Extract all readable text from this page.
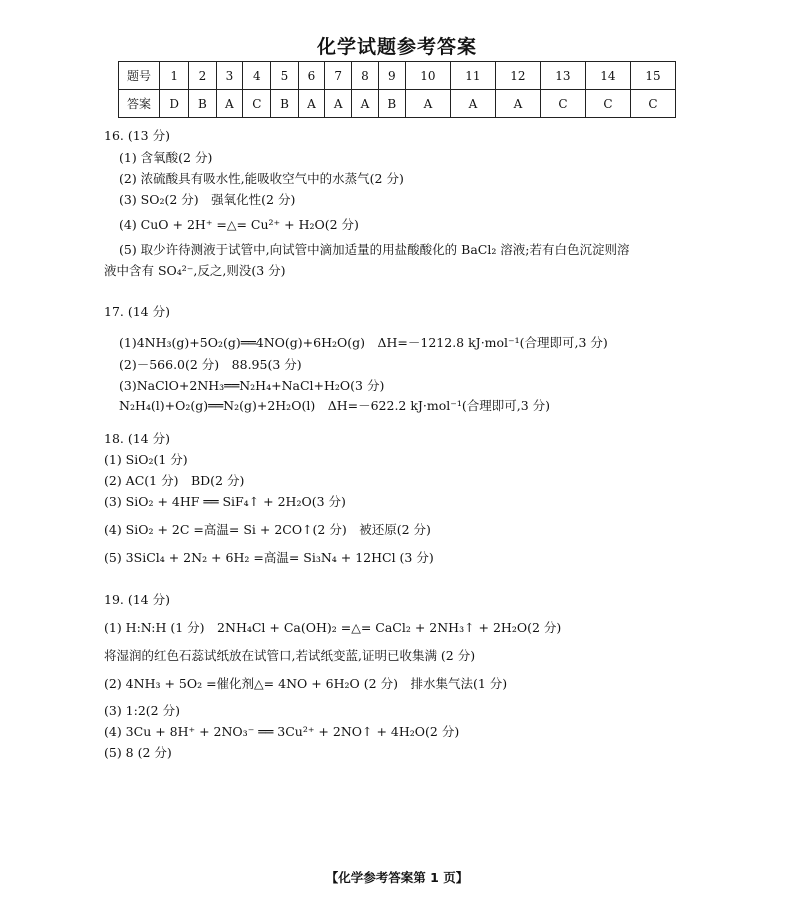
化学试题参考答案
题号	1	2	3	4	5	6	7	8	9	10	11	12	13	14	15
答案	D	B	A	C	B	A	A	A	B	A	A	A	C	C	C
16. (13 分)
(1) 含氧酸(2 分)
(2) 浓硫酸具有吸水性,能吸收空气中的水蒸气(2 分)
(3) SO₂(2 分)　强氧化性(2 分)
(4) CuO + 2H⁺ =△= Cu²⁺ + H₂O(2 分)
(5) 取少许待测液于试管中,向试管中滴加适量的用盐酸酸化的 BaCl₂ 溶液;若有白色沉淀则溶
液中含有 SO₄²⁻,反之,则没(3 分)
17. (14 分)
(1)4NH₃(g)+5O₂(g)══4NO(g)+6H₂O(g)　ΔH=－1212.8 kJ·mol⁻¹(合理即可,3 分)
(2)－566.0(2 分)　88.95(3 分)
(3)NaClO+2NH₃══N₂H₄+NaCl+H₂O(3 分)
N₂H₄(l)+O₂(g)══N₂(g)+2H₂O(l)　ΔH=－622.2 kJ·mol⁻¹(合理即可,3 分)
18. (14 分)
(1) SiO₂(1 分)
(2) AC(1 分)　BD(2 分)
(3) SiO₂ + 4HF ══ SiF₄↑ + 2H₂O(3 分)
(4) SiO₂ + 2C =高温= Si + 2CO↑(2 分)　被还原(2 分)
(5) 3SiCl₄ + 2N₂ + 6H₂ =高温= Si₃N₄ + 12HCl (3 分)
19. (14 分)
(1) H:N:H (1 分)　2NH₄Cl + Ca(OH)₂ =△= CaCl₂ + 2NH₃↑ + 2H₂O(2 分)
将湿润的红色石蕊试纸放在试管口,若试纸变蓝,证明已收集满 (2 分)
(2) 4NH₃ + 5O₂ =催化剂△= 4NO + 6H₂O (2 分)　排水集气法(1 分)
(3) 1:2(2 分)
(4) 3Cu + 8H⁺ + 2NO₃⁻ ══ 3Cu²⁺ + 2NO↑ + 4H₂O(2 分)
(5) 8 (2 分)
【化学参考答案第 1 页】
